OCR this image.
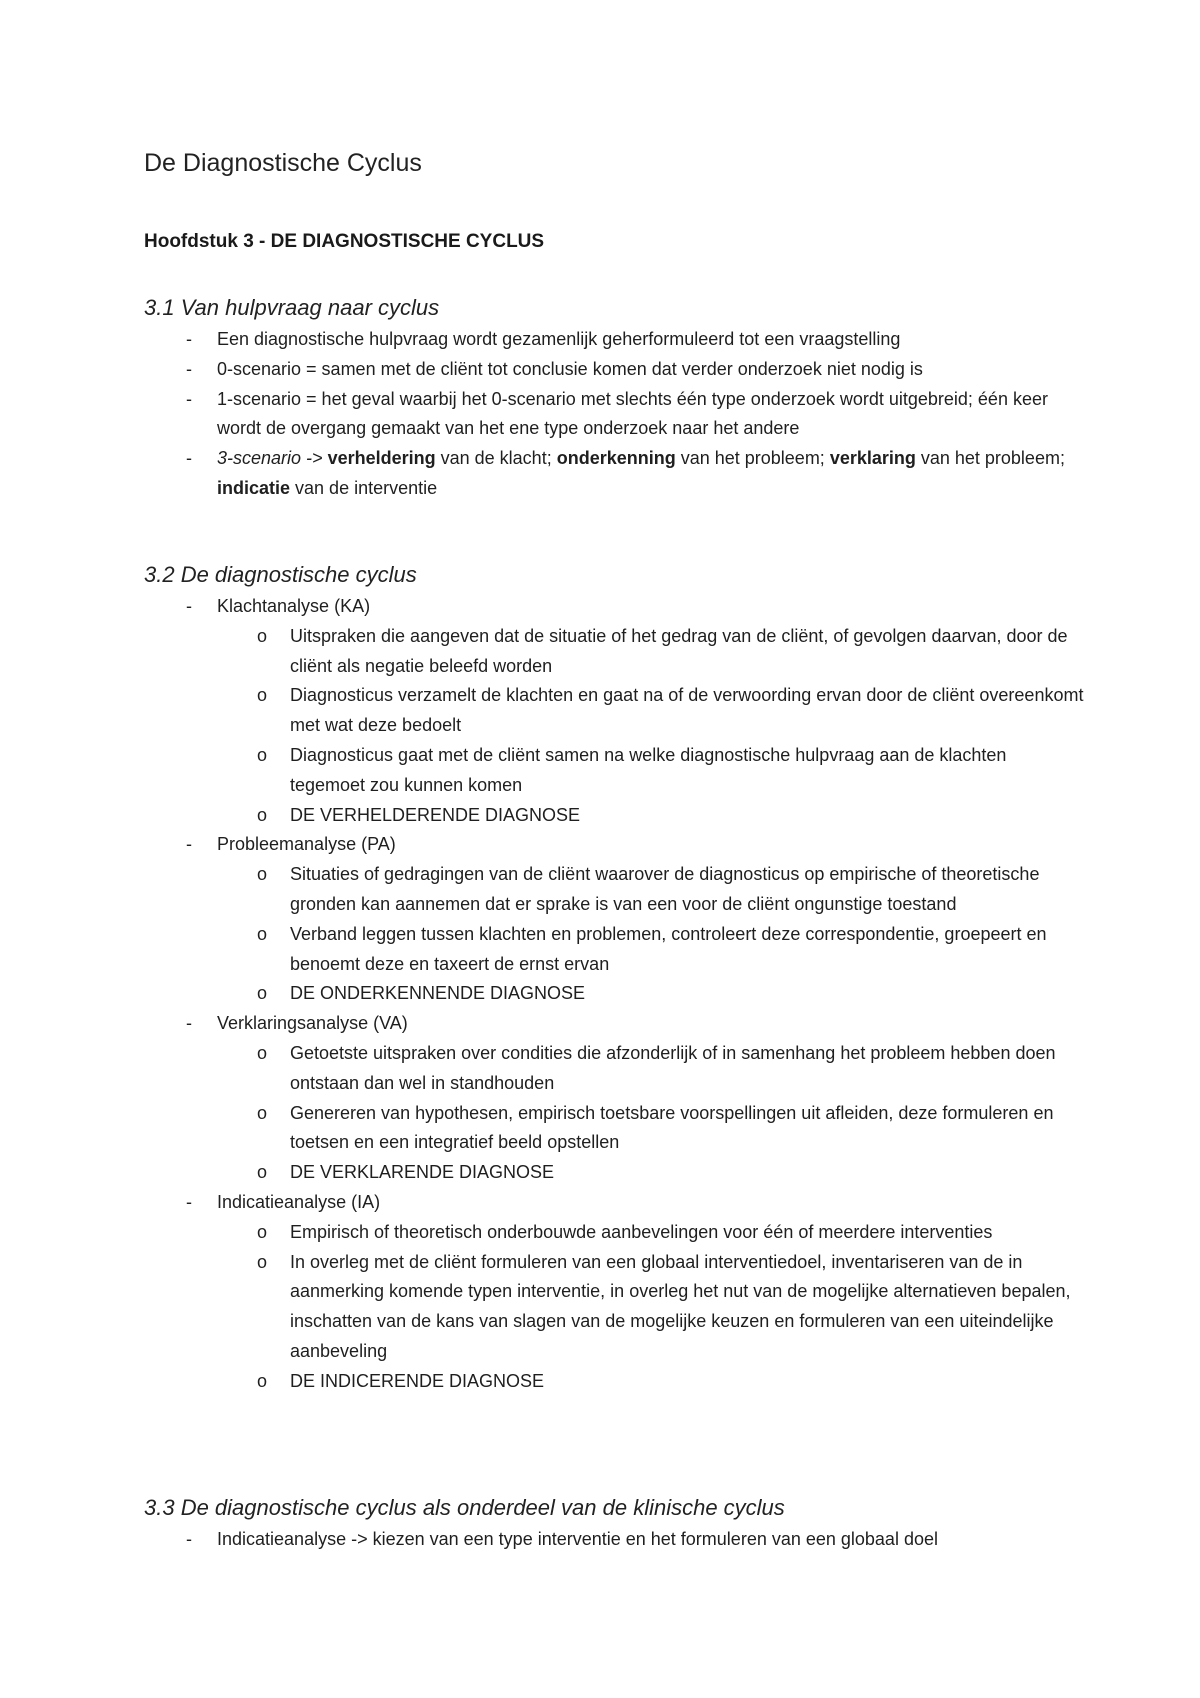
De Diagnostische Cyclus
Hoofdstuk 3 - DE DIAGNOSTISCHE CYCLUS
3.1 Van hulpvraag naar cyclus
- Een diagnostische hulpvraag wordt gezamenlijk geherformuleerd tot een vraagstelling
- 0-scenario = samen met de cliënt tot conclusie komen dat verder onderzoek niet nodig is
- 1-scenario = het geval waarbij het 0-scenario met slechts één type onderzoek wordt uitgebreid; één keer wordt de overgang gemaakt van het ene type onderzoek naar het andere
- 3-scenario -> verheldering van de klacht; onderkenning van het probleem; verklaring van het probleem; indicatie van de interventie
3.2 De diagnostische cyclus
- Klachtanalyse (KA)
o Uitspraken die aangeven dat de situatie of het gedrag van de cliënt, of gevolgen daarvan, door de cliënt als negatie beleefd worden
o Diagnosticus verzamelt de klachten en gaat na of de verwoording ervan door de cliënt overeenkomt met wat deze bedoelt
o Diagnosticus gaat met de cliënt samen na welke diagnostische hulpvraag aan de klachten tegemoet zou kunnen komen
o DE VERHELDERENDE DIAGNOSE
- Probleemanalyse (PA)
o Situaties of gedragingen van de cliënt waarover de diagnosticus op empirische of theoretische gronden kan aannemen dat er sprake is van een voor de cliënt ongunstige toestand
o Verband leggen tussen klachten en problemen, controleert deze correspondentie, groepeert en benoemt deze en taxeert de ernst ervan
o DE ONDERKENNENDE DIAGNOSE
- Verklaringsanalyse (VA)
o Getoetste uitspraken over condities die afzonderlijk of in samenhang het probleem hebben doen ontstaan dan wel in standhouden
o Genereren van hypothesen, empirisch toetsbare voorspellingen uit afleiden, deze formuleren en toetsen en een integratief beeld opstellen
o DE VERKLARENDE DIAGNOSE
- Indicatieanalyse (IA)
o Empirisch of theoretisch onderbouwde aanbevelingen voor één of meerdere interventies
o In overleg met de cliënt formuleren van een globaal interventiedoel, inventariseren van de in aanmerking komende typen interventie, in overleg het nut van de mogelijke alternatieven bepalen, inschatten van de kans van slagen van de mogelijke keuzen en formuleren van een uiteindelijke aanbeveling
o DE INDICERENDE DIAGNOSE
3.3 De diagnostische cyclus als onderdeel van de klinische cyclus
- Indicatieanalyse -> kiezen van een type interventie en het formuleren van een globaal doel
